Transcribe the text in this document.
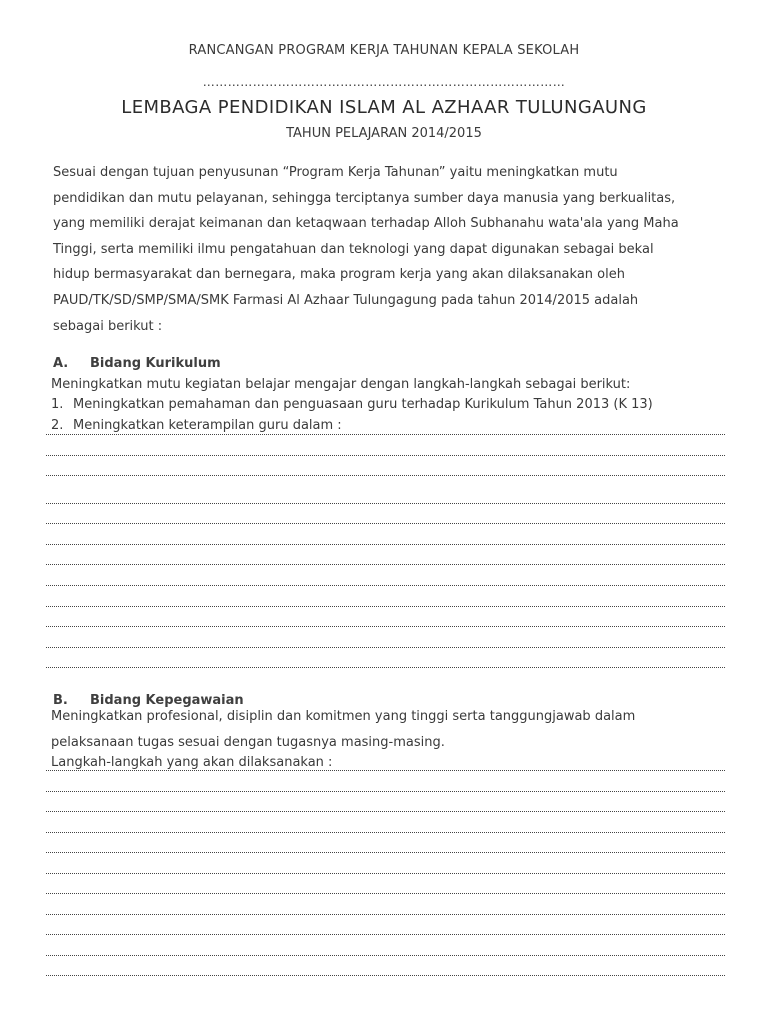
RANCANGAN PROGRAM KERJA TAHUNAN KEPALA SEKOLAH
……………………………………………………………………………
LEMBAGA PENDIDIKAN ISLAM AL AZHAAR TULUNGAUNG
TAHUN PELAJARAN 2014/2015
Sesuai dengan tujuan penyusunan “Program Kerja Tahunan” yaitu meningkatkan mutu
pendidikan dan mutu pelayanan, sehingga terciptanya sumber daya manusia yang berkualitas,
yang memiliki derajat keimanan dan ketaqwaan terhadap Alloh Subhanahu wata'ala yang Maha
Tinggi, serta memiliki ilmu pengatahuan dan teknologi yang dapat digunakan sebagai bekal
hidup bermasyarakat dan bernegara, maka program kerja yang akan dilaksanakan oleh
PAUD/TK/SD/SMP/SMA/SMK Farmasi Al Azhaar Tulungagung pada tahun 2014/2015 adalah
sebagai berikut :
A. Bidang Kurikulum
Meningkatkan mutu kegiatan belajar mengajar dengan langkah-langkah sebagai berikut:
1. Meningkatkan pemahaman dan penguasaan guru terhadap Kurikulum Tahun 2013 (K 13)
2. Meningkatkan keterampilan guru dalam :
B. Bidang Kepegawaian
Meningkatkan profesional, disiplin dan komitmen yang tinggi serta tanggungjawab dalam
pelaksanaan tugas sesuai dengan tugasnya masing-masing.
Langkah-langkah yang akan dilaksanakan :
